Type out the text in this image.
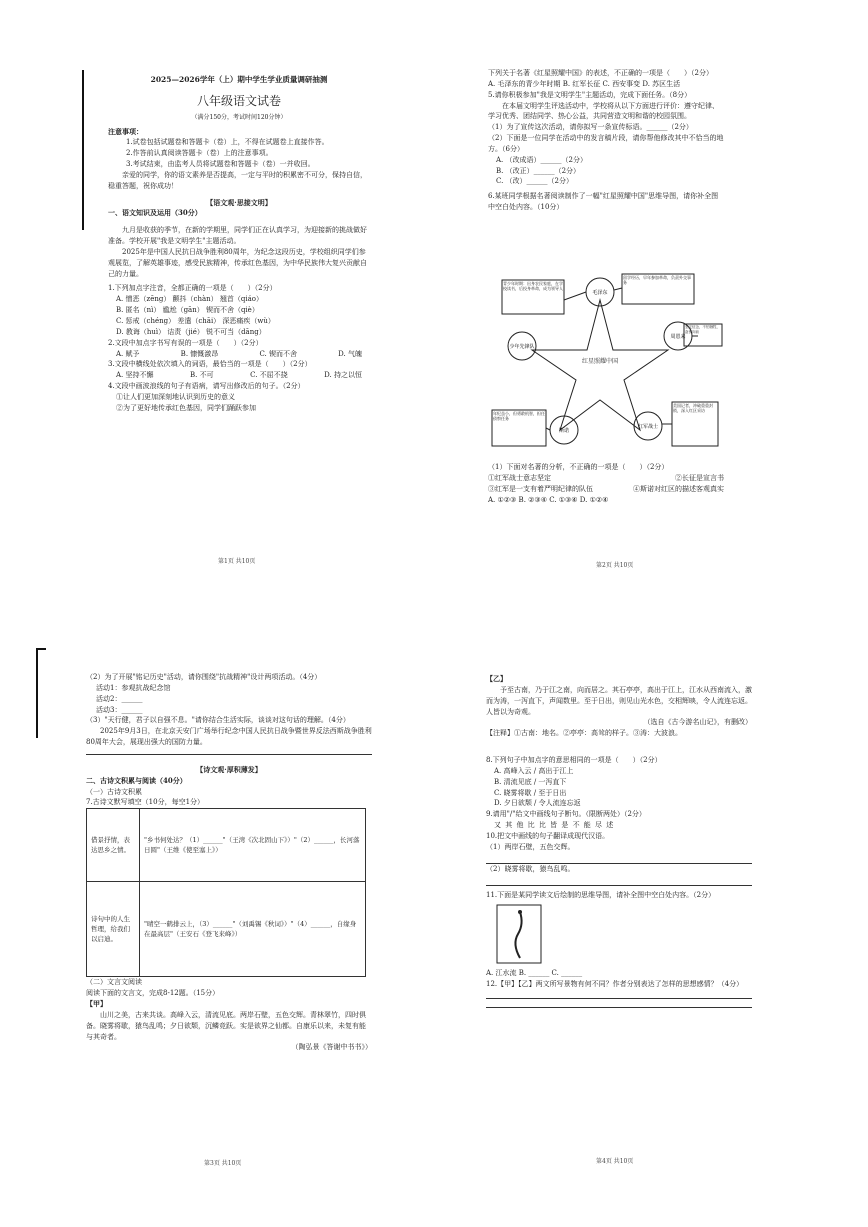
2025—2026学年（上）期中学生学业质量调研抽测
八年级语文试卷
（满分150分，考试时间120分钟）
注意事项：
1.试卷包括试题卷和答题卡（卷）上，不得在试题卷上直接作答。
2.作答前认真阅读答题卡（卷）上的注意事项。
3.考试结束，由监考人员将试题卷和答题卡（卷）一并收回。
亲爱的同学，你的语文素养是否提高，一定与平时的积累密不可分，保持自信，稳重答题，祝你成功！
【语文观·思接文明】
一、语文知识及运用（30分）
九月是收获的季节，在新的学期里，同学们正在认真学习，为迎接新的挑战做好准备。学校开展"我是文明学生"主题活动。
2025年是中国人民抗日战争胜利80周年，为纪念这段历史，学校组织同学们参观展览，了解英雄事迹，感受民族精神，传承红色基因，为中华民族伟大复兴贡献自己的力量。
1.下列加点字注音，全都正确的一项是（　　）（2分）
A. 憎恶（zēng） 颤抖（chàn） 翘首（qiáo）
B. 匿名（nì） 尴尬（gān） 锲而不舍（qiè）
C. 惩戒（chéng） 差遣（chāi） 深恶痛疾（wù）
D. 教诲（huì） 诘责（jié） 锐不可当（dāng）
2.文段中加点字书写有误的一项是（　　）（2分）
A. 赋予	B. 慷慨激昂	C. 锲而不舍	D. 气魄
3.文段中横线处依次填入的词语，最恰当的一项是（　　）（2分）
A. 坚持不懈	B. 不可	C. 不屈不挠	D. 持之以恒
4.文段中画波浪线的句子有语病，请写出修改后的句子。（2分）
①让人们更加深刻地认识到历史的意义
②为了更好地传承红色基因，同学们踊跃参加
第1页 共10页
下列关于名著《红星照耀中国》的表述，不正确的一项是（　　）（2分）
A. 毛泽东的青少年时期 B. 红军长征 C. 西安事变 D. 苏区生活
5.请你积极参加"我是文明学生"主题活动，完成下面任务。（8分）
在本届文明学生评选活动中，学校将从以下方面进行评价：遵守纪律、学习优秀、团结同学、热心公益，共同营造文明和谐的校园氛围。
（1）为了宣传这次活动，请你拟写一条宣传标语。______（2分）
（2）下面是一位同学在活动中的发言稿片段，请你帮他修改其中不恰当的地方。（6分）
A. （改成语）______（2分）
B. （改正）______（2分）
C. （改）______（2分）
6.某班同学根据名著阅读制作了一幅"红星照耀中国"思维导图，请你补全图中空白处内容。（10分）
红星照耀中国
毛泽东
周恩来
红军战士
斯诺
少年先锋队
青少年时期：出身农民家庭，在学校读书，后投身革命，成为领导人
留学经历，早年参加革命，负责外交事务
坚定信念，不怕牺牲，奋勇向前
美国记者，冲破重重封锁，深入红区采访
年纪虽小，但勇敢机智，担任侦察任务
（1）下面对名著的分析，不正确的一项是（　　）（2分）
①红军战士意志坚定	②长征是宣言书
③红军是一支有着严明纪律的队伍	④斯诺对红区的描述客观真实
A. ①②③ B. ②③④ C. ①③④ D. ①②④
第2页 共10页
（2）为了开展"铭记历史"活动，请你围绕"抗战精神"设计两项活动。（4分）
活动1：参观抗战纪念馆
活动2：______
活动3：______
（3）"天行健，君子以自强不息。"请你结合生活实际，谈谈对这句话的理解。（4分）
2025年9月3日，在北京天安门广场举行纪念中国人民抗日战争暨世界反法西斯战争胜利80周年大会，展现出强大的国防力量。
【诗文观·厚积薄发】
二、古诗文积累与阅读（40分）
（一）古诗文积累
7.古诗文默写填空（10分，每空1分）
借景抒情，表达思乡之情。	"乡书何处达？（1）______"（王湾《次北固山下》）"（2）______，长河落日圆"（王维《使至塞上》）
诗句中的人生哲理，给我们以启迪。	"晴空一鹤排云上，（3）______"（刘禹锡《秋词》）"（4）______，自缘身在最高层"（王安石《登飞来峰》）
（二）文言文阅读
阅读下面的文言文，完成8-12题。（15分）
【甲】
山川之美，古来共谈。高峰入云，清流见底。两岸石壁，五色交辉。青林翠竹，四时俱备。晓雾将歇，猿鸟乱鸣；夕日欲颓，沉鳞竞跃。实是欲界之仙都。自康乐以来，未复有能与其奇者。
（陶弘景《答谢中书书》）
第3页 共10页
【乙】
予至古南，乃于江之南，向而居之。其石亭亭，高出于江上，江水从西南流入，激而为涛，一泻直下，声闻数里。至于日出，则见山光水色，交相辉映，令人流连忘返。人皆以为奇观。
（选自《古今游名山记》，有删改）
【注释】①古南：地名。②亭亭：高耸的样子。③涛：大波浪。
8.下列句子中加点字的意思相同的一项是（　　）（2分）
A. 高峰入云 / 高出于江上
B. 清流见底 / 一泻直下
C. 晓雾将歇 / 至于日出
D. 夕日欲颓 / 令人流连忘返
9.请用"/"给文中画线句子断句。（限断两处）（2分）
又 其 他 比 比 皆 是 不 能 尽 述
10.把文中画线的句子翻译成现代汉语。
（1）两岸石壁，五色交辉。
（2）晓雾将歇，猿鸟乱鸣。
11.下面是某同学读文后绘制的思维导图，请补全图中空白处内容。（2分）
A. 江水流 B. ______ C. ______
12.【甲】【乙】两文所写景物有何不同？作者分别表达了怎样的思想感情？（4分）
第4页 共10页
